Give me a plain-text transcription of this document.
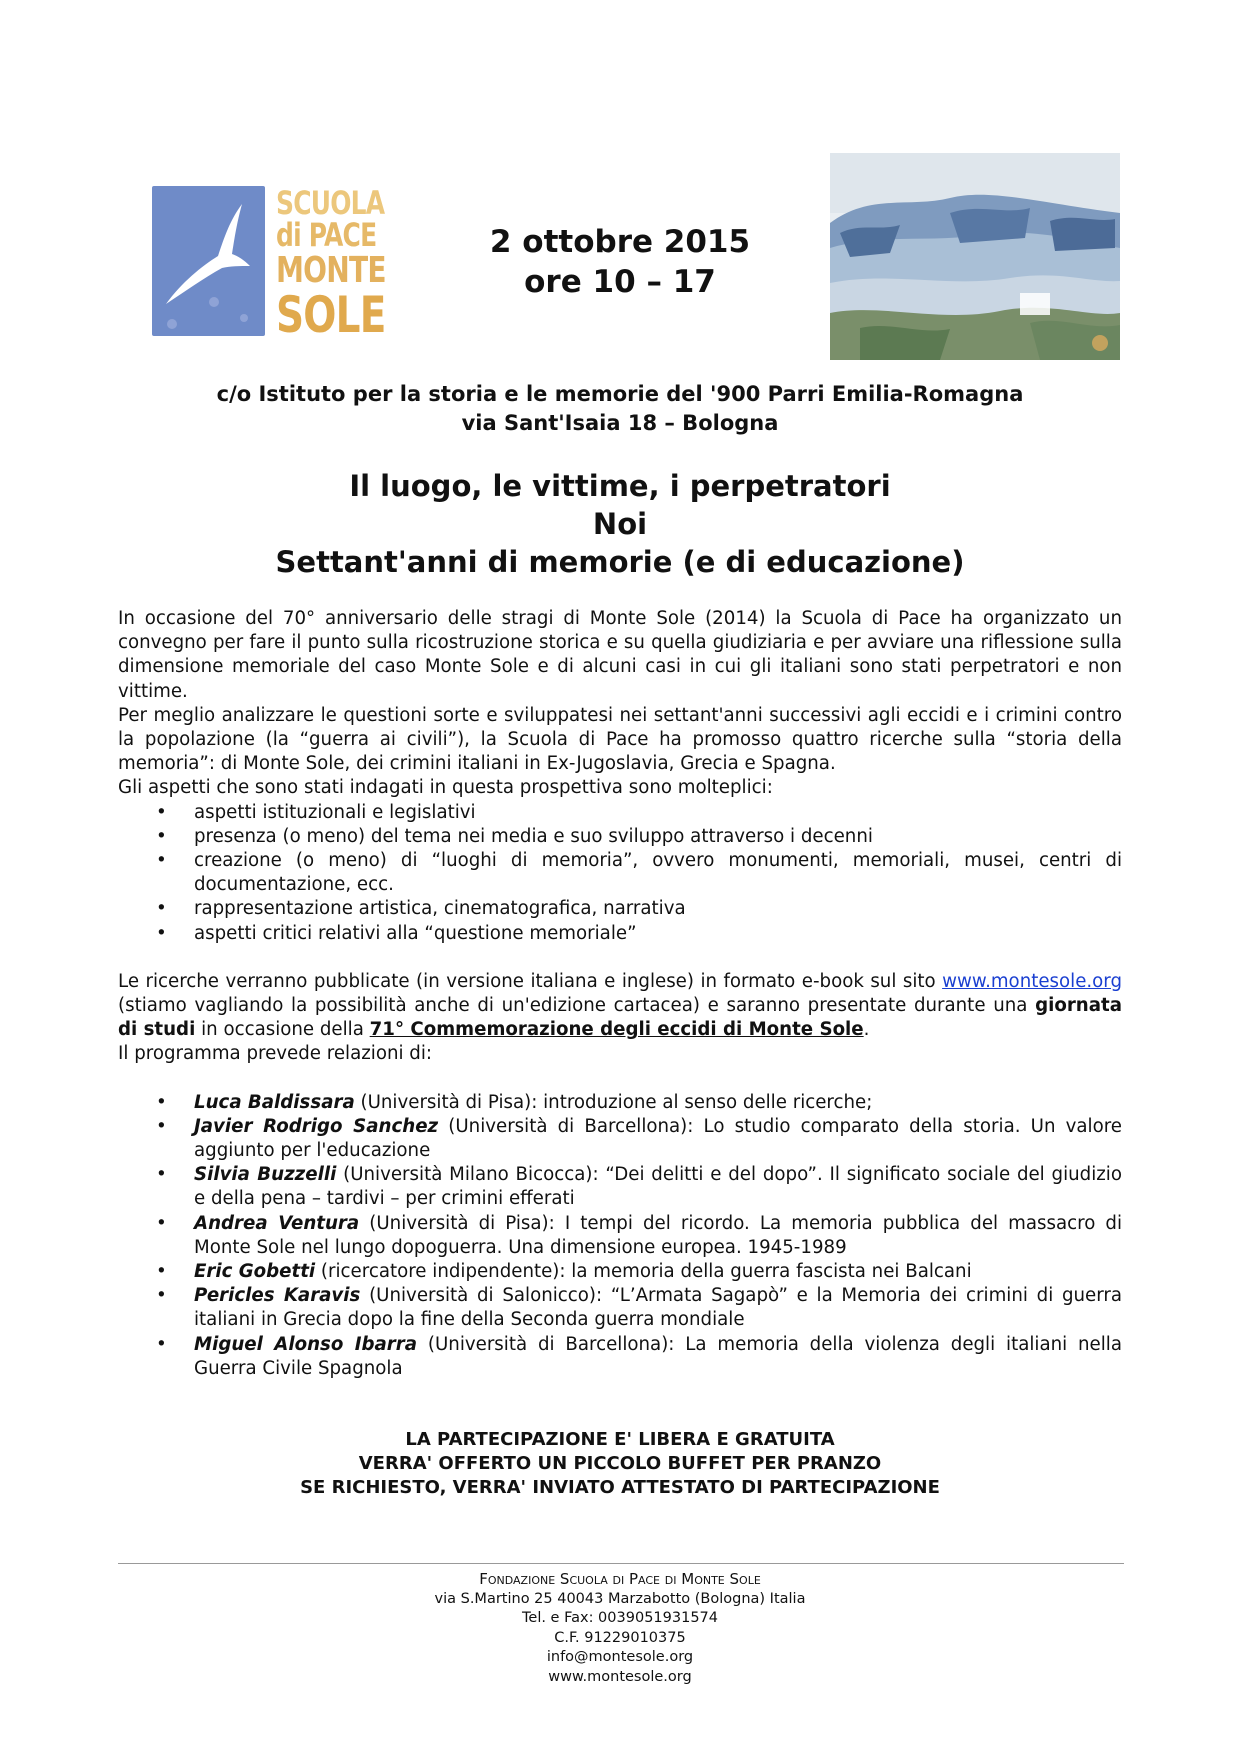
SCUOLA
di PACE
MONTE
SOLE
2 ottobre 2015
ore 10 – 17
c/o Istituto per la storia e le memorie del '900 Parri Emilia-Romagna
via Sant'Isaia 18 – Bologna
Il luogo, le vittime, i perpetratori
Noi
Settant'anni di memorie (e di educazione)

In occasione del 70° anniversario delle stragi di Monte Sole (2014) la Scuola di Pace ha organizzato un convegno per fare il punto sulla ricostruzione storica e su quella giudiziaria e per avviare una riflessione sulla dimensione memoriale del caso Monte Sole e di alcuni casi in cui gli italiani sono stati perpetratori e non vittime.

Per meglio analizzare le questioni sorte e sviluppatesi nei settant'anni successivi agli eccidi e i crimini contro la popolazione (la “guerra ai civili”), la Scuola di Pace ha promosso quattro ricerche sulla “storia della memoria”: di Monte Sole, dei crimini italiani in Ex-Jugoslavia, Grecia e Spagna.

Gli aspetti che sono stati indagati in questa prospettiva sono molteplici:

• aspetti istituzionali e legislativi
• presenza (o meno) del tema nei media e suo sviluppo attraverso i decenni
• creazione (o meno) di “luoghi di memoria”, ovvero monumenti, memoriali, musei, centri di documentazione, ecc.
• rappresentazione artistica, cinematografica, narrativa
• aspetti critici relativi alla “questione memoriale”

Le ricerche verranno pubblicate (in versione italiana e inglese) in formato e-book sul sito www.montesole.org (stiamo vagliando la possibilità anche di un'edizione cartacea) e saranno presentate durante una giornata di studi in occasione della 71° Commemorazione degli eccidi di Monte Sole.

Il programma prevede relazioni di:

• Luca Baldissara (Università di Pisa): introduzione al senso delle ricerche;
• Javier Rodrigo Sanchez (Università di Barcellona): Lo studio comparato della storia. Un valore aggiunto per l'educazione
• Silvia Buzzelli (Università Milano Bicocca): “Dei delitti e del dopo”. Il significato sociale del giudizio e della pena – tardivi – per crimini efferati
• Andrea Ventura (Università di Pisa): I tempi del ricordo. La memoria pubblica del massacro di Monte Sole nel lungo dopoguerra. Una dimensione europea. 1945-1989
• Eric Gobetti (ricercatore indipendente): la memoria della guerra fascista nei Balcani
• Pericles Karavis (Università di Salonicco): “L’Armata Sagapò” e la Memoria dei crimini di guerra italiani in Grecia dopo la fine della Seconda guerra mondiale
• Miguel Alonso Ibarra (Università di Barcellona): La memoria della violenza degli italiani nella Guerra Civile Spagnola
LA PARTECIPAZIONE E' LIBERA E GRATUITA
VERRA' OFFERTO UN PICCOLO BUFFET PER PRANZO
SE RICHIESTO, VERRA' INVIATO ATTESTATO DI PARTECIPAZIONE
Fondazione Scuola di Pace di Monte Sole
via S.Martino 25 40043 Marzabotto (Bologna) Italia
Tel. e Fax: 0039051931574
C.F. 91229010375
info@montesole.org
www.montesole.org
